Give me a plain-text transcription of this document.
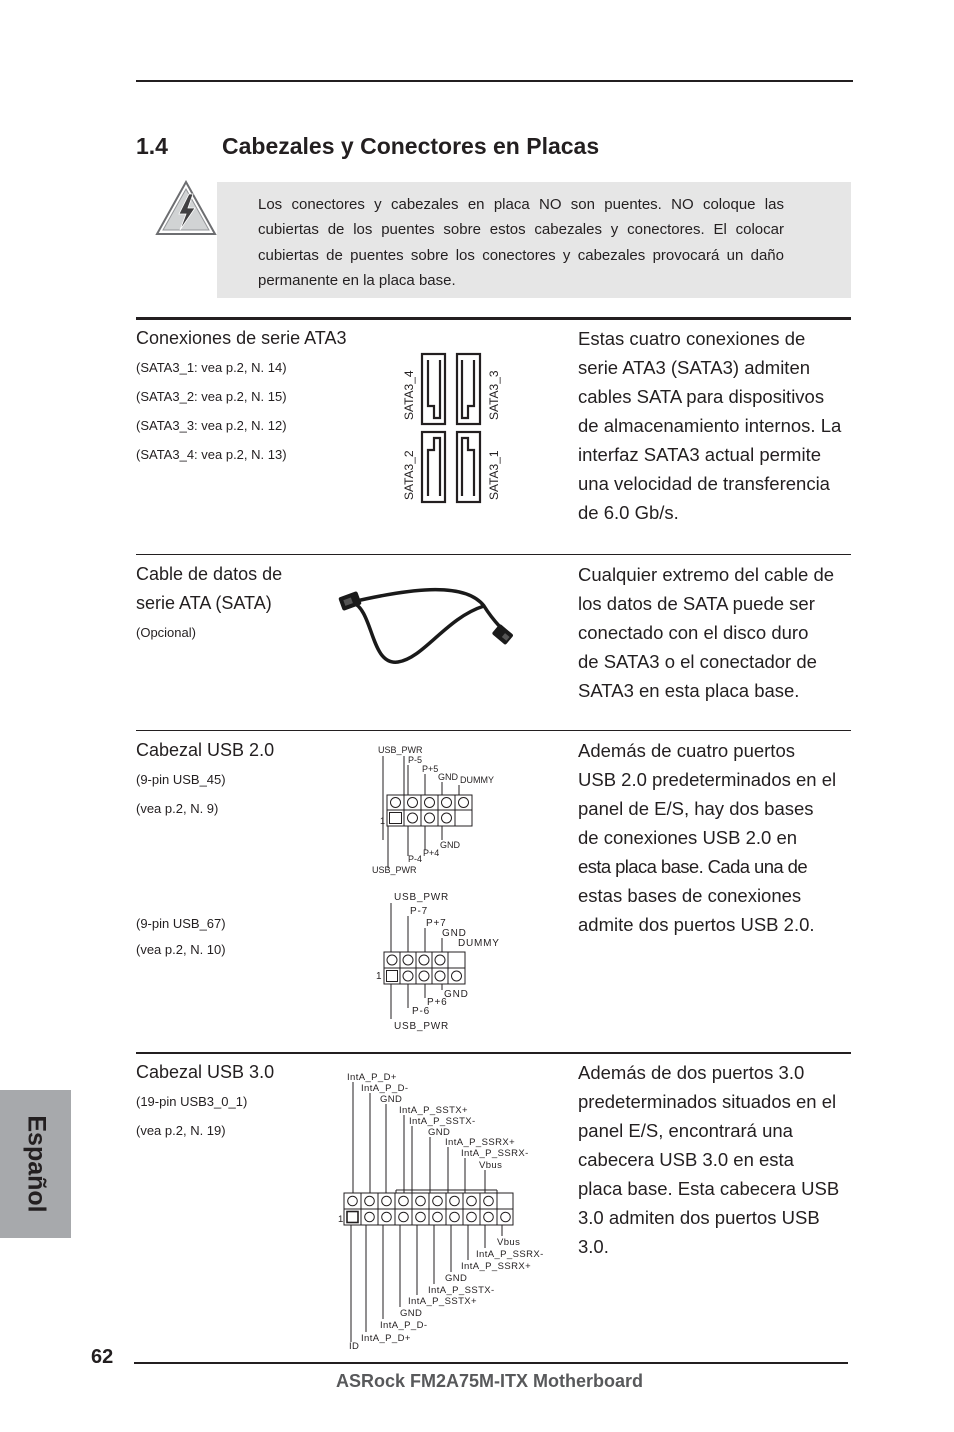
1.4 Cabezales y Conectores en Placas
Los conectores y cabezales en placa NO son puentes. NO coloque las cubiertas de los puentes sobre estos cabezales y conectores. El colocar cubiertas de puentes sobre los conectores y cabezales provocará un daño permanente en la placa base.
Conexiones de serie ATA3
(SATA3_1: vea p.2, N. 14)
(SATA3_2: vea p.2, N. 15)
(SATA3_3: vea p.2, N. 12)
(SATA3_4: vea p.2, N. 13)
SATA3_4	SATA3_3
SATA3_2	SATA3_1
Estas cuatro conexiones de
serie ATA3 (SATA3) admiten
cables SATA para dispositivos
de almacenamiento internos. La
interfaz SATA3 actual permite
una velocidad de transferencia
de 6.0 Gb/s.
Cable de datos de
serie ATA (SATA)
(Opcional)
Cualquier extremo del cable de
los datos de SATA puede ser
conectado con el disco duro
de SATA3 o el conectador de
SATA3 en esta placa base.
Cabezal USB 2.0
(9-pin USB_45)
(vea p.2, N. 9)
(9-pin USB_67)
(vea p.2, N. 10)
USB_PWR
P-5
P+5
GND DUMMY
GND
P+4
P-4
USB_PWR
1
USB_PWR
P-7
P+7
GND
DUMMY
GND
P+6
P-6
USB_PWR
1
Además de cuatro puertos
USB 2.0 predeterminados en el
panel de E/S, hay dos bases
de conexiones USB 2.0 en
esta placa base. Cada una de
estas bases de conexiones
admite dos puertos USB 2.0.
Cabezal USB 3.0
(19-pin USB3_0_1)
(vea p.2, N. 19)
IntA_P_D+
IntA_P_D-
GND
IntA_P_SSTX+
IntA_P_SSTX-
GND
IntA_P_SSRX+
IntA_P_SSRX-
Vbus
Vbus
IntA_P_SSRX-
IntA_P_SSRX+
GND
IntA_P_SSTX-
IntA_P_SSTX+
GND
IntA_P_D-
IntA_P_D+
ID
1
Además de dos puertos 3.0
predeterminados situados en el
panel E/S, encontrará una
cabecera USB 3.0 en esta
placa base. Esta cabecera USB
3.0 admiten dos puertos USB
3.0.
Español
62
ASRock FM2A75M-ITX Motherboard
